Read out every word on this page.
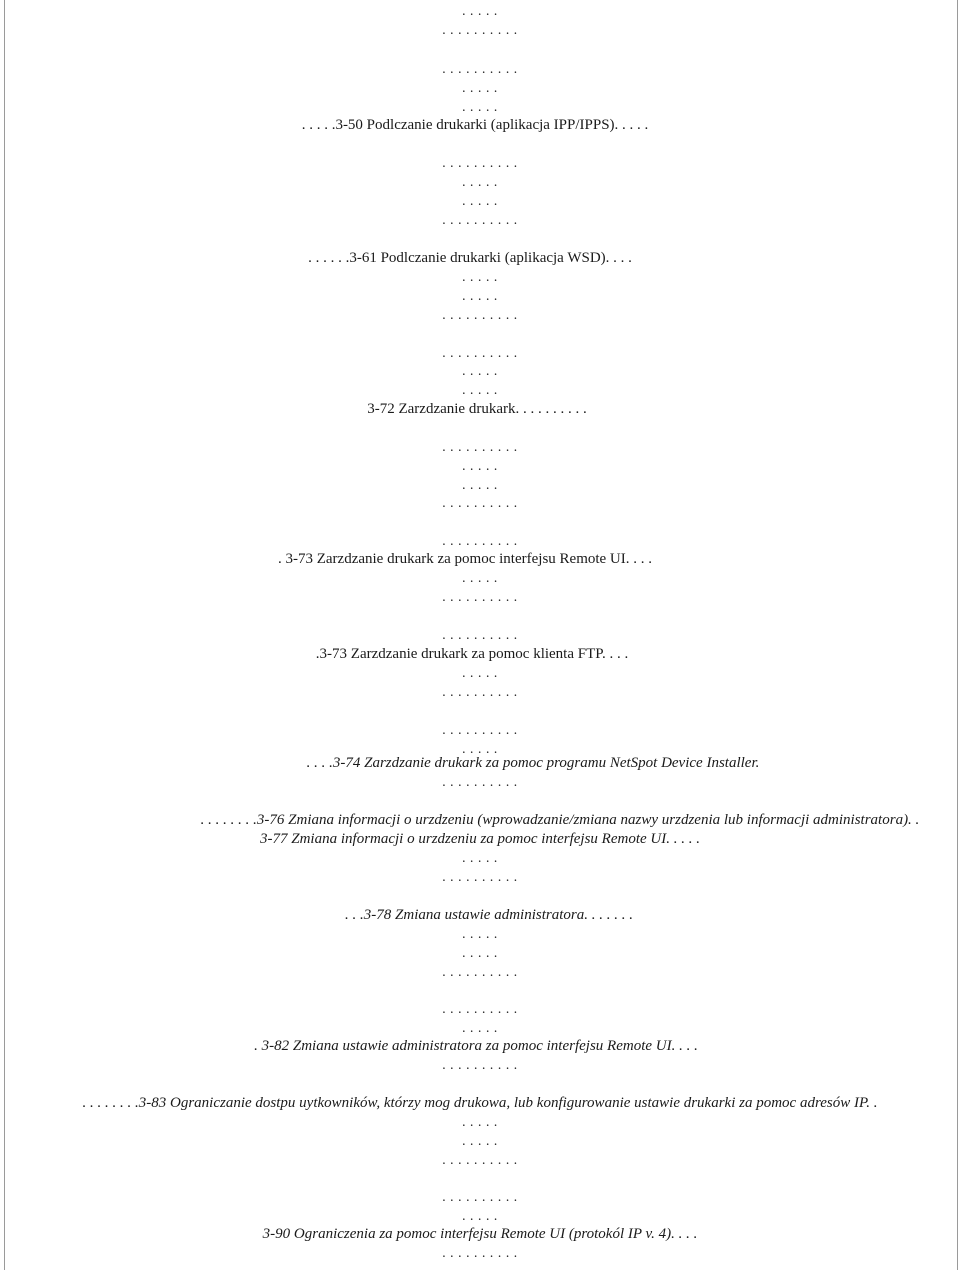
. . . . .
. . . . . . . . . .
. . . . . . . . . .
. . . . .
. . . . .
. . . . .3-50 Podlczanie drukarki (aplikacja IPP/IPPS). . . . .
. . . . . . . . . .
. . . . .
. . . . .
. . . . . . . . . .
. . . . . .3-61 Podlczanie drukarki (aplikacja WSD). . . .
. . . . .
. . . . .
. . . . . . . . . .
. . . . . . . . . .
. . . . .
. . . . .
3-72 Zarzdzanie drukark. . . . . . . . . .
. . . . . . . . . .
. . . . .
. . . . .
. . . . . . . . . .
. . . . . . . . . .
. 3-73 Zarzdzanie drukark za pomoc interfejsu Remote UI. . . .
. . . . .
. . . . . . . . . .
. . . . . . . . . .
.3-73 Zarzdzanie drukark za pomoc klienta FTP. . . .
. . . . .
. . . . . . . . . .
. . . . . . . . . .
. . . . .
. . . .3-74 Zarzdzanie drukark za pomoc programu NetSpot Device Installer.
. . . . . . . . . .
. . . . . . . .3-76 Zmiana informacji o urzdzeniu (wprowadzanie/zmiana nazwy urzdzenia lub informacji administratora). .
3-77 Zmiana informacji o urzdzeniu za pomoc interfejsu Remote UI. . . . .
. . . . .
. . . . . . . . . .
. . .3-78 Zmiana ustawie administratora. . . . . . .
. . . . .
. . . . .
. . . . . . . . . .
. . . . . . . . . .
. . . . .
. 3-82 Zmiana ustawie administratora za pomoc interfejsu Remote UI. . . .
. . . . . . . . . .
. . . . . . . .3-83 Ograniczanie dostpu uytkowników, którzy mog drukowa, lub konfigurowanie ustawie drukarki za pomoc adresów IP. .
. . . . .
. . . . .
. . . . . . . . . .
. . . . . . . . . .
. . . . .
3-90 Ograniczenia za pomoc interfejsu Remote UI (protokól IP v. 4). . . .
. . . . . . . . . .
